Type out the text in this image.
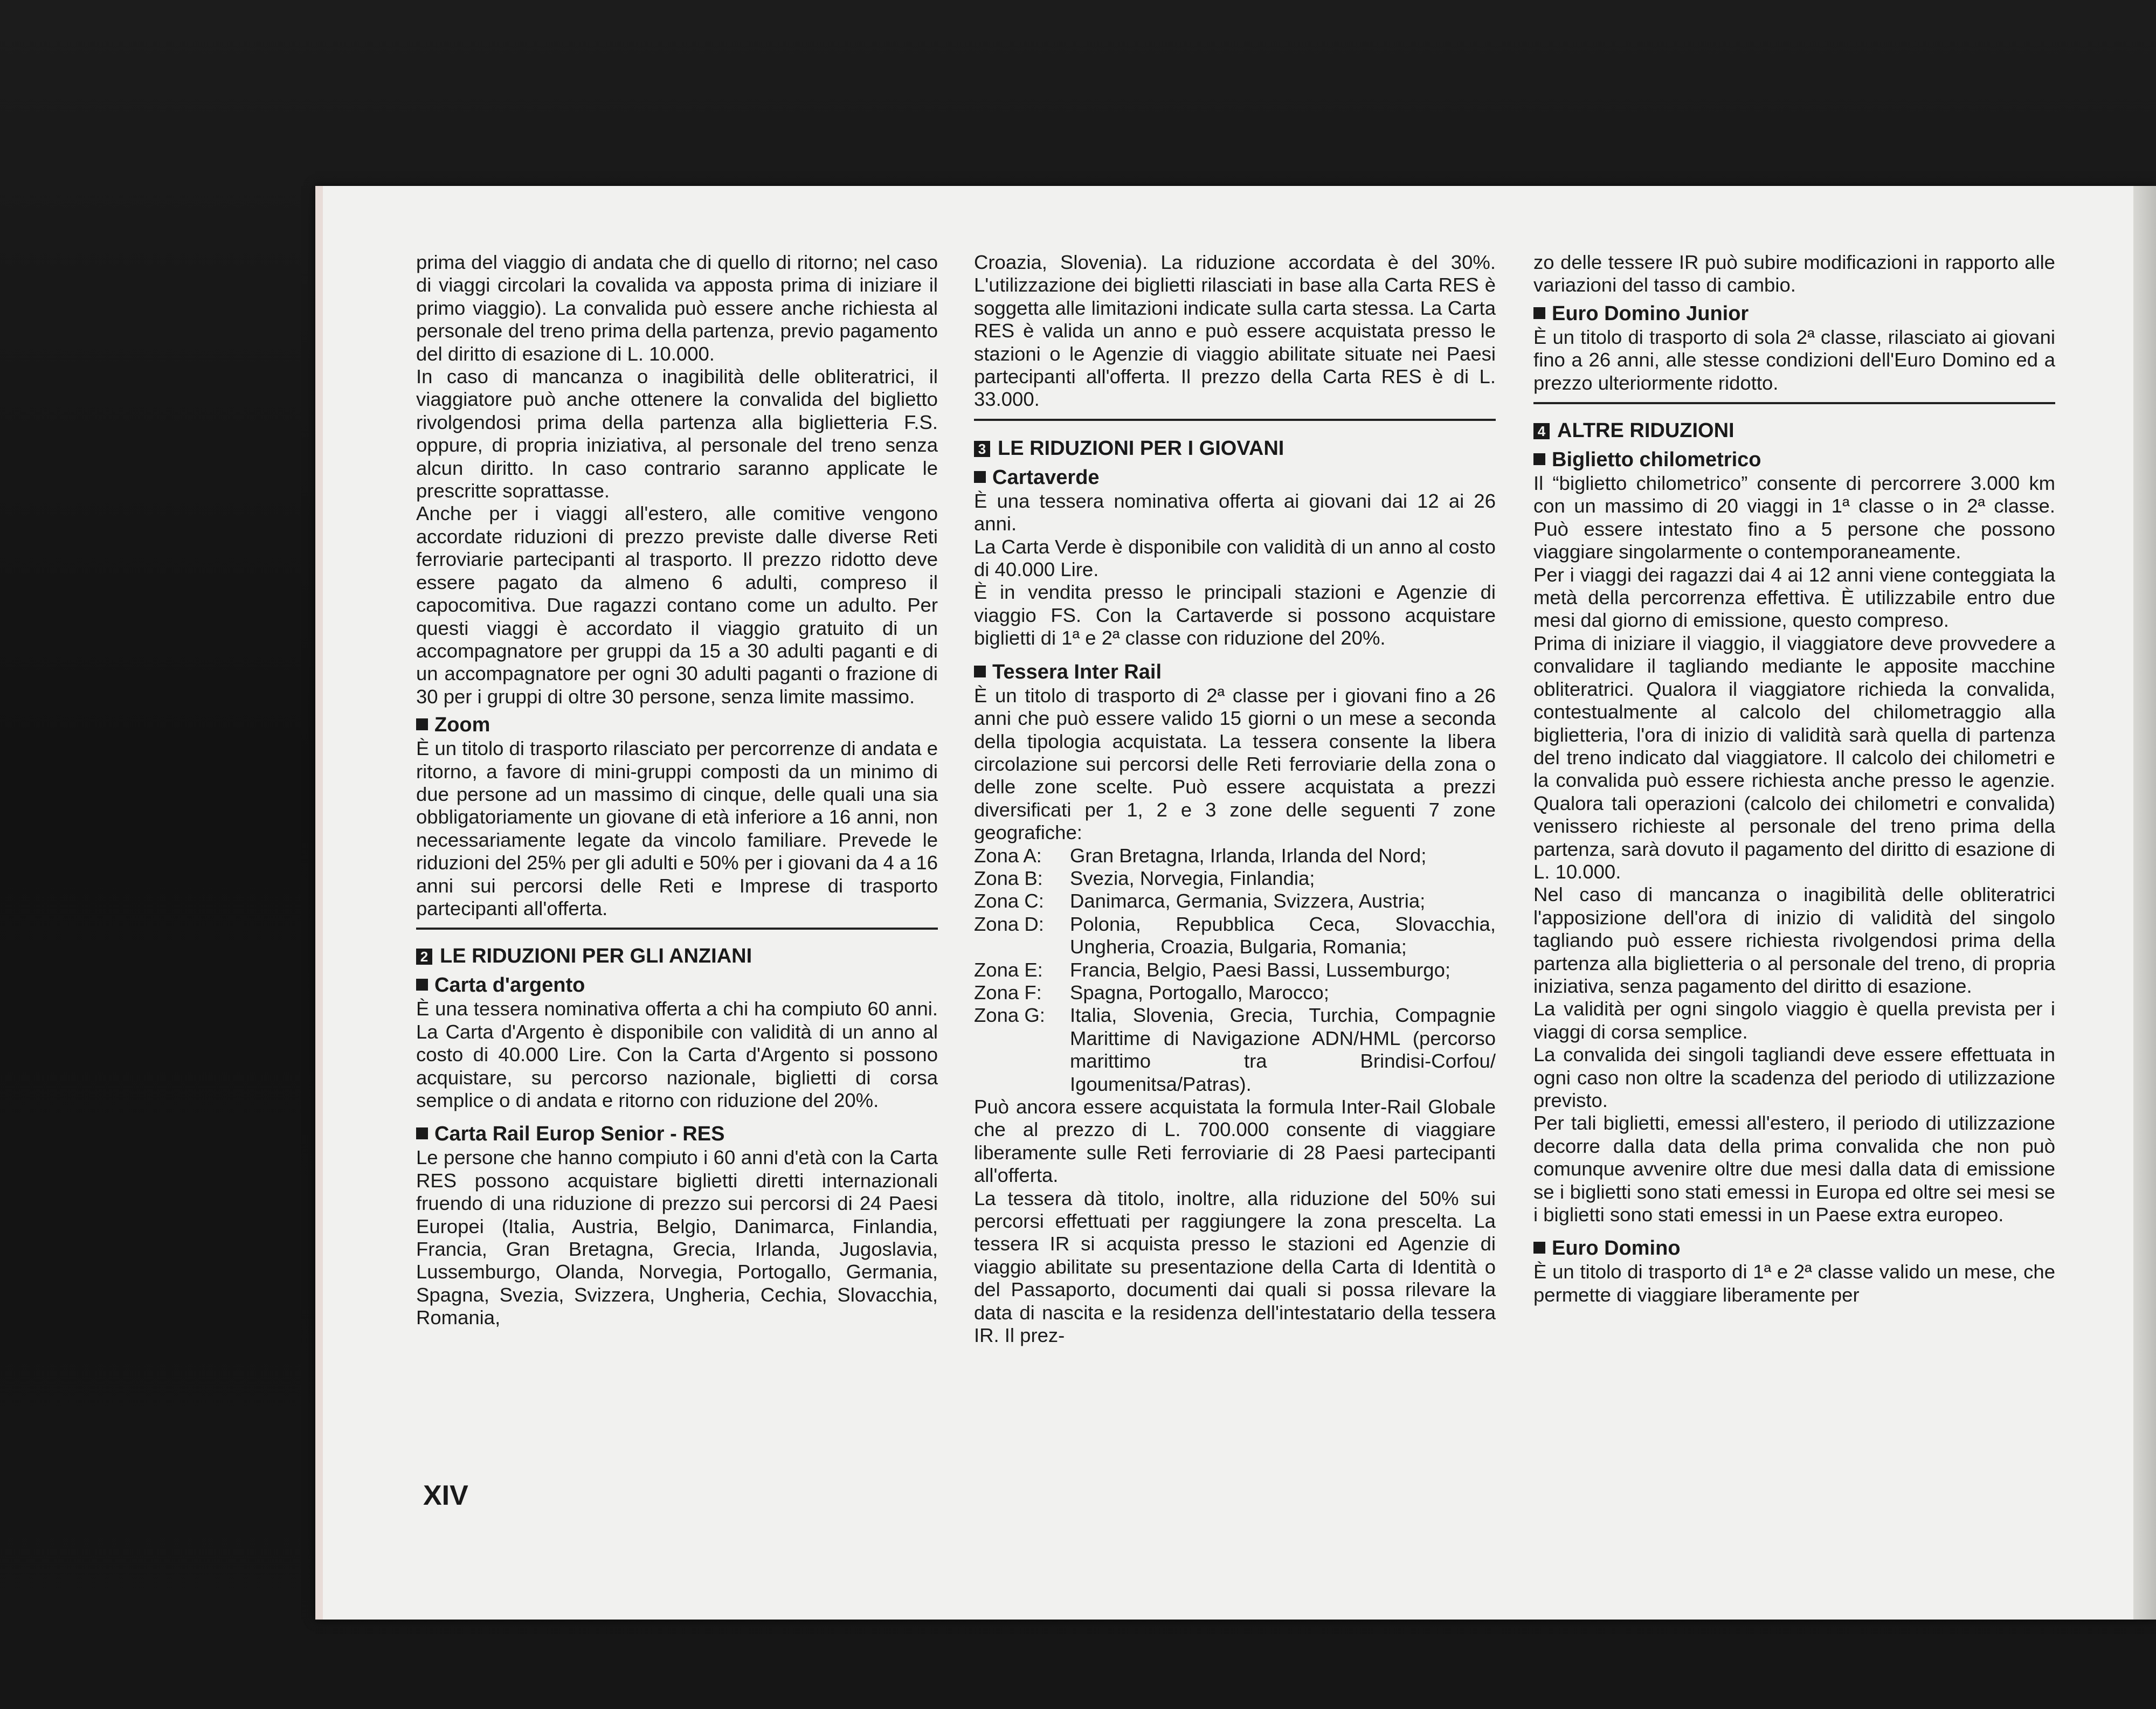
prima del viaggio di andata che di quello di ritorno; nel caso di viaggi circolari la covalida va apposta prima di iniziare il primo viaggio). La convalida può essere anche richiesta al personale del treno prima della partenza, previo pagamento del diritto di esazione di L. 10.000.

In caso di mancanza o inagibilità delle obliteratrici, il viaggiatore può anche ottenere la convalida del biglietto rivolgendosi prima della partenza alla biglietteria F.S. oppure, di propria iniziativa, al personale del treno senza alcun diritto. In caso contrario saranno applicate le prescritte soprattasse.

Anche per i viaggi all'estero, alle comitive vengono accordate riduzioni di prezzo previste dalle diverse Reti ferroviarie partecipanti al trasporto. Il prezzo ridotto deve essere pagato da almeno 6 adulti, compreso il capocomitiva. Due ragazzi contano come un adulto. Per questi viaggi è accordato il viaggio gratuito di un accompagnatore per gruppi da 15 a 30 adulti paganti e di un accompagnatore per ogni 30 adulti paganti o frazione di 30 per i gruppi di oltre 30 persone, senza limite massimo.

Zoom

È un titolo di trasporto rilasciato per percorrenze di andata e ritorno, a favore di mini-gruppi composti da un minimo di due persone ad un massimo di cinque, delle quali una sia obbligatoriamente un giovane di età inferiore a 16 anni, non necessariamente legate da vincolo familiare. Prevede le riduzioni del 25% per gli adulti e 50% per i giovani da 4 a 16 anni sui percorsi delle Reti e Imprese di trasporto partecipanti all'offerta.

2 LE RIDUZIONI PER GLI ANZIANI
Carta d'argento

È una tessera nominativa offerta a chi ha compiuto 60 anni. La Carta d'Argento è disponibile con validità di un anno al costo di 40.000 Lire. Con la Carta d'Argento si possono acquistare, su percorso nazionale, biglietti di corsa semplice o di andata e ritorno con riduzione del 20%.

Carta Rail Europ Senior - RES

Le persone che hanno compiuto i 60 anni d'età con la Carta RES possono acquistare biglietti diretti internazionali fruendo di una riduzione di prezzo sui percorsi di 24 Paesi Europei (Italia, Austria, Belgio, Danimarca, Finlandia, Francia, Gran Bretagna, Grecia, Irlanda, Jugoslavia, Lussemburgo, Olanda, Norvegia, Portogallo, Germania, Spagna, Svezia, Svizzera, Ungheria, Cechia, Slovacchia, Romania,

Croazia, Slovenia). La riduzione accordata è del 30%. L'utilizzazione dei biglietti rilasciati in base alla Carta RES è soggetta alle limitazioni indicate sulla carta stessa. La Carta RES è valida un anno e può essere acquistata presso le stazioni o le Agenzie di viaggio abilitate situate nei Paesi partecipanti all'offerta. Il prezzo della Carta RES è di L. 33.000.

3 LE RIDUZIONI PER I GIOVANI
Cartaverde

È una tessera nominativa offerta ai giovani dai 12 ai 26 anni.

La Carta Verde è disponibile con validità di un anno al costo di 40.000 Lire.

È in vendita presso le principali stazioni e Agenzie di viaggio FS. Con la Cartaverde si possono acquistare biglietti di 1ª e 2ª classe con riduzione del 20%.

Tessera Inter Rail

È un titolo di trasporto di 2ª classe per i giovani fino a 26 anni che può essere valido 15 giorni o un mese a seconda della tipologia acquistata. La tessera consente la libera circolazione sui percorsi delle Reti ferroviarie della zona o delle zone scelte. Può essere acquistata a prezzi diversificati per 1, 2 e 3 zone delle seguenti 7 zone geografiche:

Zona A:	Gran Bretagna, Irlanda, Irlanda del Nord;
Zona B:	Svezia, Norvegia, Finlandia;
Zona C:	Danimarca, Germania, Svizzera, Austria;
Zona D:	Polonia, Repubblica Ceca, Slovacchia, Ungheria, Croazia, Bulgaria, Romania;
Zona E:	Francia, Belgio, Paesi Bassi, Lussemburgo;
Zona F:	Spagna, Portogallo, Marocco;
Zona G:	Italia, Slovenia, Grecia, Turchia, Compagnie Marittime di Navigazione ADN/HML (percorso marittimo tra Brindisi-Corfou/ Igoumenitsa/Patras).

Può ancora essere acquistata la formula Inter-Rail Globale che al prezzo di L. 700.000 consente di viaggiare liberamente sulle Reti ferroviarie di 28 Paesi partecipanti all'offerta.

La tessera dà titolo, inoltre, alla riduzione del 50% sui percorsi effettuati per raggiungere la zona prescelta. La tessera IR si acquista presso le stazioni ed Agenzie di viaggio abilitate su presentazione della Carta di Identità o del Passaporto, documenti dai quali si possa rilevare la data di nascita e la residenza dell'intestatario della tessera IR. Il prez-

zo delle tessere IR può subire modificazioni in rapporto alle variazioni del tasso di cambio.

Euro Domino Junior

È un titolo di trasporto di sola 2ª classe, rilasciato ai giovani fino a 26 anni, alle stesse condizioni dell'Euro Domino ed a prezzo ulteriormente ridotto.

4 ALTRE RIDUZIONI
Biglietto chilometrico

Il “biglietto chilometrico” consente di percorrere 3.000 km con un massimo di 20 viaggi in 1ª classe o in 2ª classe. Può essere intestato fino a 5 persone che possono viaggiare singolarmente o contemporaneamente.

Per i viaggi dei ragazzi dai 4 ai 12 anni viene conteggiata la metà della percorrenza effettiva. È utilizzabile entro due mesi dal giorno di emissione, questo compreso.

Prima di iniziare il viaggio, il viaggiatore deve provvedere a convalidare il tagliando mediante le apposite macchine obliteratrici. Qualora il viaggiatore richieda la convalida, contestualmente al calcolo del chilometraggio alla biglietteria, l'ora di inizio di validità sarà quella di partenza del treno indicato dal viaggiatore. Il calcolo dei chilometri e la convalida può essere richiesta anche presso le agenzie. Qualora tali operazioni (calcolo dei chilometri e convalida) venissero richieste al personale del treno prima della partenza, sarà dovuto il pagamento del diritto di esazione di L. 10.000.

Nel caso di mancanza o inagibilità delle obliteratrici l'apposizione dell'ora di inizio di validità del singolo tagliando può essere richiesta rivolgendosi prima della partenza alla biglietteria o al personale del treno, di propria iniziativa, senza pagamento del diritto di esazione.

La validità per ogni singolo viaggio è quella prevista per i viaggi di corsa semplice.

La convalida dei singoli tagliandi deve essere effettuata in ogni caso non oltre la scadenza del periodo di utilizzazione previsto.

Per tali biglietti, emessi all'estero, il periodo di utilizzazione decorre dalla data della prima convalida che non può comunque avvenire oltre due mesi dalla data di emissione se i biglietti sono stati emessi in Europa ed oltre sei mesi se i biglietti sono stati emessi in un Paese extra europeo.

Euro Domino

È un titolo di trasporto di 1ª e 2ª classe valido un mese, che permette di viaggiare liberamente per

XIV
